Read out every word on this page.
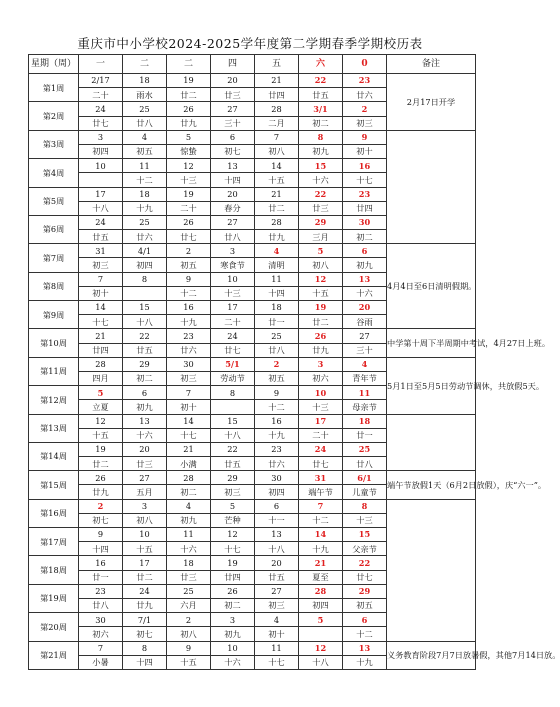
重庆市中小学校2024-2025学年度第二学期春季学期校历表
星期（周）	一	二	二	四	五	六	0	备注
第1周	2/17	18	19	20	21	22	23	2月17日开学
	二十	雨水	廿二	廿三	廿四	廿五	廿六	
第2周	24	25	26	27	28	3/1	2	
	廿七	廿八	廿九	三十	二月	初二	初三	
第3周	3	4	5	6	7	8	9	
	初四	初五	惊蛰	初七	初八	初九	初十	
第4周	10	11	12	13	14	15	16	
		十二	十三	十四	十五	十六	十七	
第5周	17	18	19	20	21	22	23	
	十八	十九	二十	春分	廿二	廿三	廿四	
第6周	24	25	26	27	28	29	30	
	廿五	廿六	廿七	廿八	廿九	三月	初二	
第7周	31	4/1	2	3	4	5	6	4月4日至6日清明假期。
	初三	初四	初五	寒食节	清明	初八	初九	
第8周	7	8	9	10	11	12	13	
	初十		十二	十三	十四	十五	十六	
第9周	14	15	16	17	18	19	20	
	十七	十八	十九	二十	廿一	廿二	谷雨	
第10周	21	22	23	24	25	26	27	中学第十周下半周期中考试，4月27日上班。
	廿四	廿五	廿六	廿七	廿八	廿九	三十	
第11周	28	29	30	5/1	2	3	4	5月1日至5月5日劳动节调休，共放假5天。
	四月	初二	初三	劳动节	初五	初六	青年节	
第12周	5	6	7	8	9	10	11	
	立夏	初九	初十		十二	十三	母亲节	
第13周	12	13	14	15	16	17	18	
	十五	十六	十七	十八	十九	二十	廿一	
第14周	19	20	21	22	23	24	25	
	廿二	廿三	小满	廿五	廿六	廿七	廿八	
第15周	26	27	28	29	30	31	6/1	端午节放假1天（6月2日放假），庆“六一”。
	廿九	五月	初二	初三	初四	端午节	儿童节	
第16周	2	3	4	5	6	7	8	
	初七	初八	初九	芒种	十一	十二	十三	
第17周	9	10	11	12	13	14	15	
	十四	十五	十六	十七	十八	十九	父亲节	
第18周	16	17	18	19	20	21	22	
	廿一	廿二	廿三	廿四	廿五	夏至	廿七	
第19周	23	24	25	26	27	28	29	
	廿八	廿九	六月	初二	初三	初四	初五	
第20周	30	7/1	2	3	4	5	6	
	初六	初七	初八	初九	初十		十二	
第21周	7	8	9	10	11	12	13	义务教育阶段7月7日放暑假，其他7月14日放。
	小暑	十四	十五	十六	十七	十八	十九	
